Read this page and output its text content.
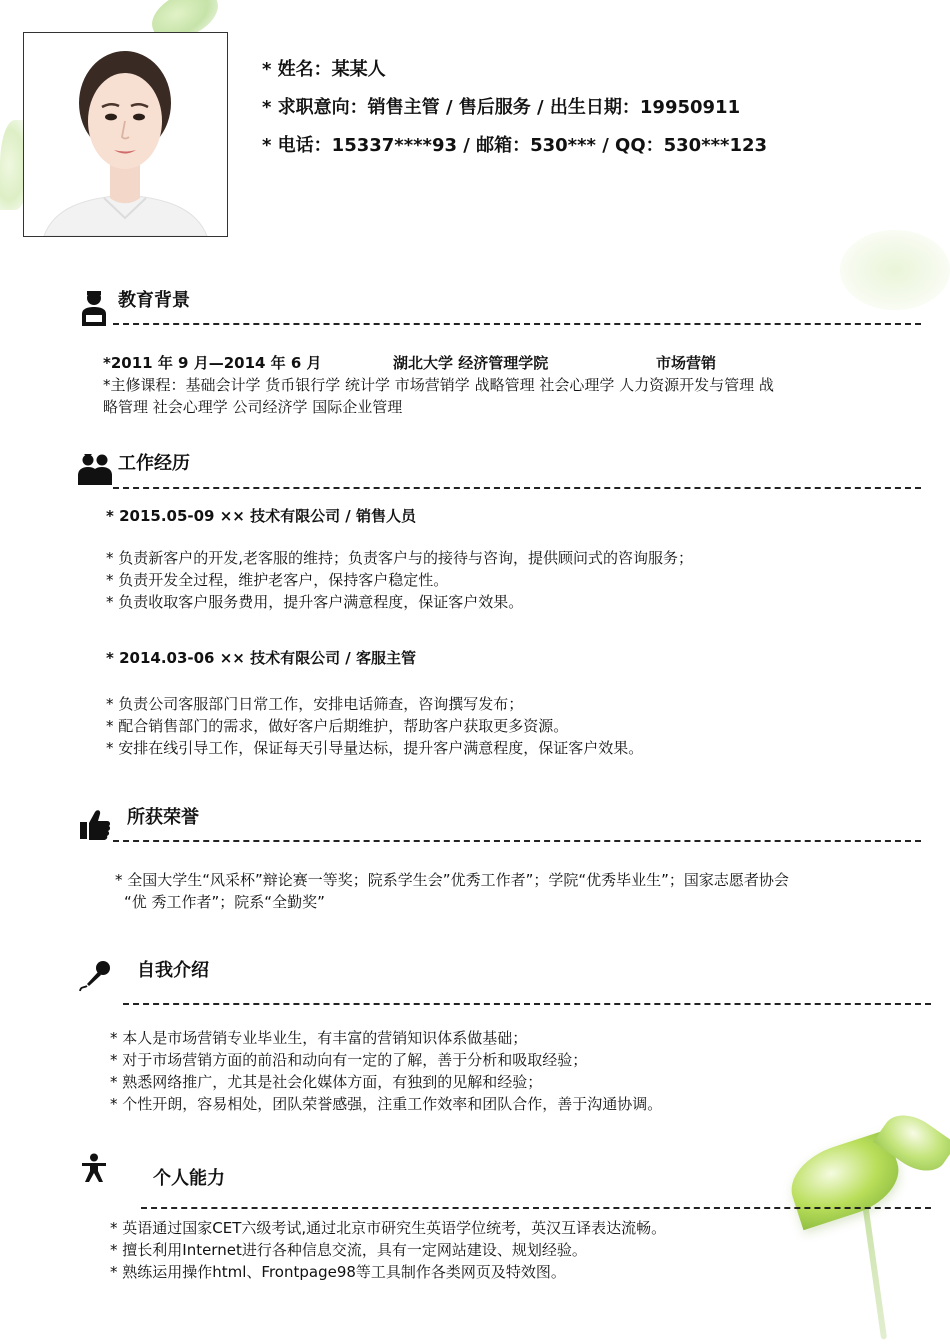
* 姓名：某某人
* 求职意向：销售主管 / 售后服务 / 出生日期：19950911
* 电话：15337****93 / 邮箱：530*** / QQ：530***123
教育背景
*2011 年 9 月—2014 年 6 月	湖北大学 经济管理学院	市场营销
*主修课程：基础会计学 货币银行学 统计学 市场营销学 战略管理 社会心理学 人力资源开发与管理 战
略管理 社会心理学 公司经济学 国际企业管理
工作经历
* 2015.05-09 ×× 技术有限公司 / 销售人员
* 负责新客户的开发,老客服的维持；负责客户与的接待与咨询，提供顾问式的咨询服务；
* 负责开发全过程，维护老客户，保持客户稳定性。
* 负责收取客户服务费用，提升客户满意程度，保证客户效果。
* 2014.03-06 ×× 技术有限公司 / 客服主管
* 负责公司客服部门日常工作，安排电话筛查，咨询撰写发布；
* 配合销售部门的需求，做好客户后期维护，帮助客户获取更多资源。
* 安排在线引导工作，保证每天引导量达标，提升客户满意程度，保证客户效果。
所获荣誉
* 全国大学生“风采杯”辩论赛一等奖；院系学生会”优秀工作者”；学院“优秀毕业生”；国家志愿者协会
“优 秀工作者”；院系“全勤奖”
自我介绍
* 本人是市场营销专业毕业生，有丰富的营销知识体系做基础；
* 对于市场营销方面的前沿和动向有一定的了解，善于分析和吸取经验；
* 熟悉网络推广，尤其是社会化媒体方面，有独到的见解和经验；
* 个性开朗，容易相处，团队荣誉感强，注重工作效率和团队合作，善于沟通协调。
个人能力
* 英语通过国家CET六级考试,通过北京市研究生英语学位统考，英汉互译表达流畅。
* 擅长利用Internet进行各种信息交流，具有一定网站建设、规划经验。
* 熟练运用操作html、Frontpage98等工具制作各类网页及特效图。
